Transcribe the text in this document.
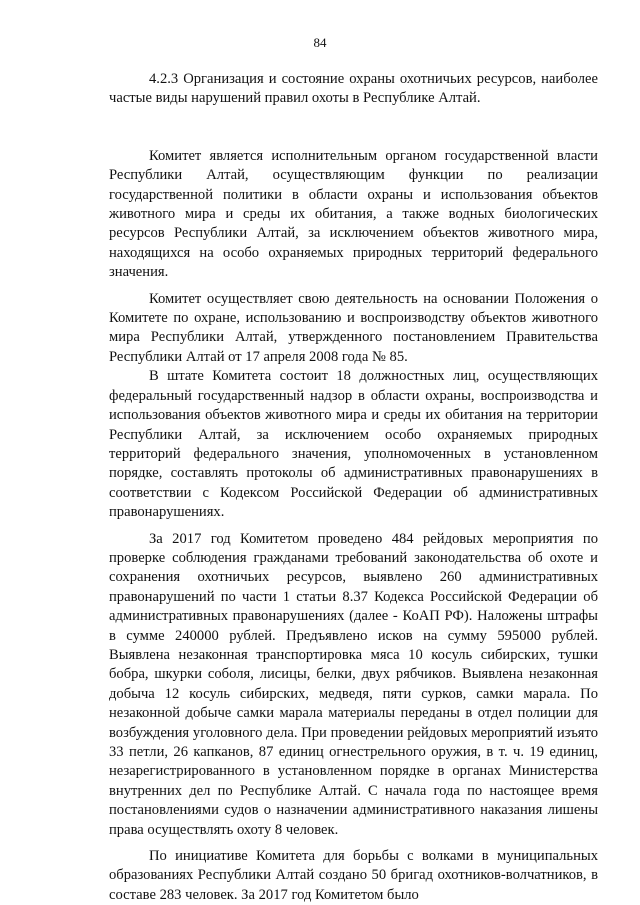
84

4.2.3 Организация и состояние охраны охотничьих ресурсов, наиболее частые виды нарушений правил охоты в Республике Алтай.

Комитет является исполнительным органом государственной власти Республики Алтай, осуществляющим функции по реализации государственной политики в области охраны и использования объектов животного мира и среды их обитания, а также водных биологических ресурсов Республики Алтай, за исключением объектов животного мира, находящихся на особо охраняемых природных территорий федерального значения.

Комитет осуществляет свою деятельность на основании Положения о Комитете по охране, использованию и воспроизводству объектов животного мира Республики Алтай, утвержденного постановлением Правительства Республики Алтай от 17 апреля 2008 года № 85.

В штате Комитета состоит 18 должностных лиц, осуществляющих федеральный государственный надзор в области охраны, воспроизводства и использования объектов животного мира и среды их обитания на территории Республики Алтай, за исключением особо охраняемых природных территорий федерального значения, уполномоченных в установленном порядке, составлять протоколы об административных правонарушениях в соответствии с Кодексом Российской Федерации об административных правонарушениях.

За 2017 год Комитетом проведено 484 рейдовых мероприятия по проверке соблюдения гражданами требований законодательства об охоте и сохранения охотничьих ресурсов, выявлено 260 административных правонарушений по части 1 статьи 8.37 Кодекса Российской Федерации об административных правонарушениях (далее - КоАП РФ). Наложены штрафы в сумме 240000 рублей. Предъявлено исков на сумму 595000 рублей. Выявлена незаконная транспортировка мяса 10 косуль сибирских, тушки бобра, шкурки соболя, лисицы, белки, двух рябчиков. Выявлена незаконная добыча 12 косуль сибирских, медведя, пяти сурков, самки марала. По незаконной добыче самки марала материалы переданы в отдел полиции для возбуждения уголовного дела. При проведении рейдовых мероприятий изъято 33 петли, 26 капканов, 87 единиц огнестрельного оружия, в т. ч. 19 единиц, незарегистрированного в установленном порядке в органах Министерства внутренних дел по Республике Алтай. С начала года по настоящее время постановлениями судов о назначении административного наказания лишены права осуществлять охоту 8 человек.

По инициативе Комитета для борьбы с волками в муниципальных образованиях Республики Алтай создано 50 бригад охотников-волчатников, в составе 283 человек. За 2017 год Комитетом было
